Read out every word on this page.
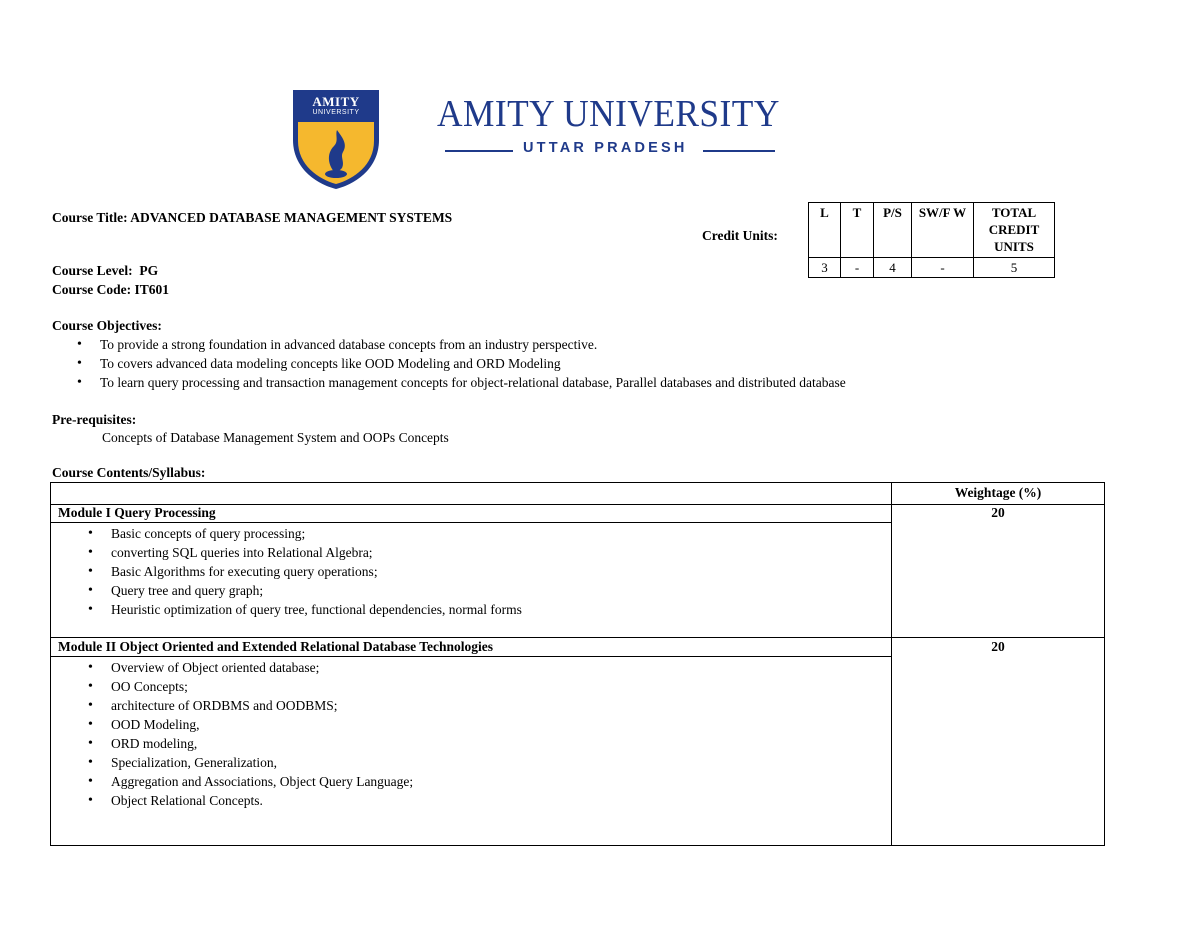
AMITY
UNIVERSITY	AMITY UNIVERSITY
UTTAR PRADESH
Course Title: ADVANCED DATABASE MANAGEMENT SYSTEMS
Credit Units:
L	T	P/S	SW/F W	TOTAL CREDIT UNITS
3	-	4	-	5
Course Level: PG
Course Code: IT601
Course Objectives:
• To provide a strong foundation in advanced database concepts from an industry perspective.
• To covers advanced data modeling concepts like OOD Modeling and ORD Modeling
• To learn query processing and transaction management concepts for object-relational database, Parallel databases and distributed database
Pre-requisites:
Concepts of Database Management System and OOPs Concepts
Course Contents/Syllabus:
Weightage (%)
Module I Query Processing	20
• Basic concepts of query processing;
• converting SQL queries into Relational Algebra;
• Basic Algorithms for executing query operations;
• Query tree and query graph;
• Heuristic optimization of query tree, functional dependencies, normal forms
Module II Object Oriented and Extended Relational Database Technologies	20
• Overview of Object oriented database;
• OO Concepts;
• architecture of ORDBMS and OODBMS;
• OOD Modeling,
• ORD modeling,
• Specialization, Generalization,
• Aggregation and Associations, Object Query Language;
• Object Relational Concepts.
